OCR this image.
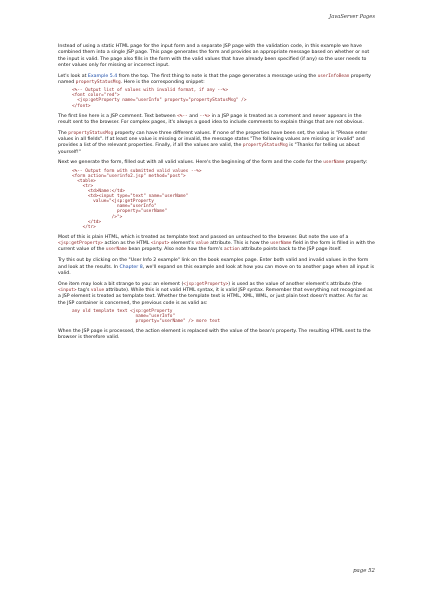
JavaServer Pages

Instead of using a static HTML page for the input form and a separate JSP page with the validation code, in this example we have combined them into a single JSP page. This page generates the form and provides an appropriate message based on whether or not the input is valid. The page also fills in the form with the valid values that have already been specified (if any) so the user needs to enter values only for missing or incorrect input.

Let's look at Example 5.4 from the top. The first thing to note is that the page generates a message using the userInfoBean property named propertyStatusMsg. Here is the corresponding snippet:

<%-- Output list of values with invalid format, if any --%>
<font color="red">
<jsp:getProperty name="userInfo" property="propertyStatusMsg" />
</font>

The first line here is a JSP comment. Text between <%-- and --%> in a JSP page is treated as a comment and never appears in the result sent to the browser. For complex pages, it's always a good idea to include comments to explain things that are not obvious.

The propertyStatusMsg property can have three different values. If none of the properties have been set, the value is "Please enter values in all fields". If at least one value is missing or invalid, the message states "The following values are missing or invalid" and provides a list of the relevant properties. Finally, if all the values are valid, the propertyStatusMsg is "Thanks for telling us about yourself!"

Next we generate the form, filled out with all valid values. Here's the beginning of the form and the code for the userName property:

<%-- Output form with submitted valid values --%>
<form action="userinfo2.jsp" method="post">
<table>
<tr>
<td>Name:</td>
<td><input type="text" name="userName"
value="<jsp:getProperty
name="userInfo"
property="userName"
/>">
</td>
</tr>

Most of this is plain HTML, which is treated as template text and passed on untouched to the browser. But note the use of a <jsp:getProperty> action as the HTML <input> element's value attribute. This is how the userName field in the form is filled in with the current value of the userName bean property. Also note how the form's action attribute points back to the JSP page itself.

Try this out by clicking on the "User Info 2 example" link on the book examples page. Enter both valid and invalid values in the form and look at the results. In Chapter 8, we'll expand on this example and look at how you can move on to another page when all input is valid.

One item may look a bit strange to you: an element (<jsp:getProperty>) is used as the value of another element's attribute (the <input> tag's value attribute). While this is not valid HTML syntax, it is valid JSP syntax. Remember that everything not recognized as a JSP element is treated as template text. Whether the template text is HTML, XML, WML, or just plain text doesn't matter. As far as the JSP container is concerned, the previous code is as valid as:

any old template text <jsp:getProperty
name="userInfo"
property="userName" /> more text

When the JSP page is processed, the action element is replaced with the value of the bean's property. The resulting HTML sent to the browser is therefore valid.

page 52
